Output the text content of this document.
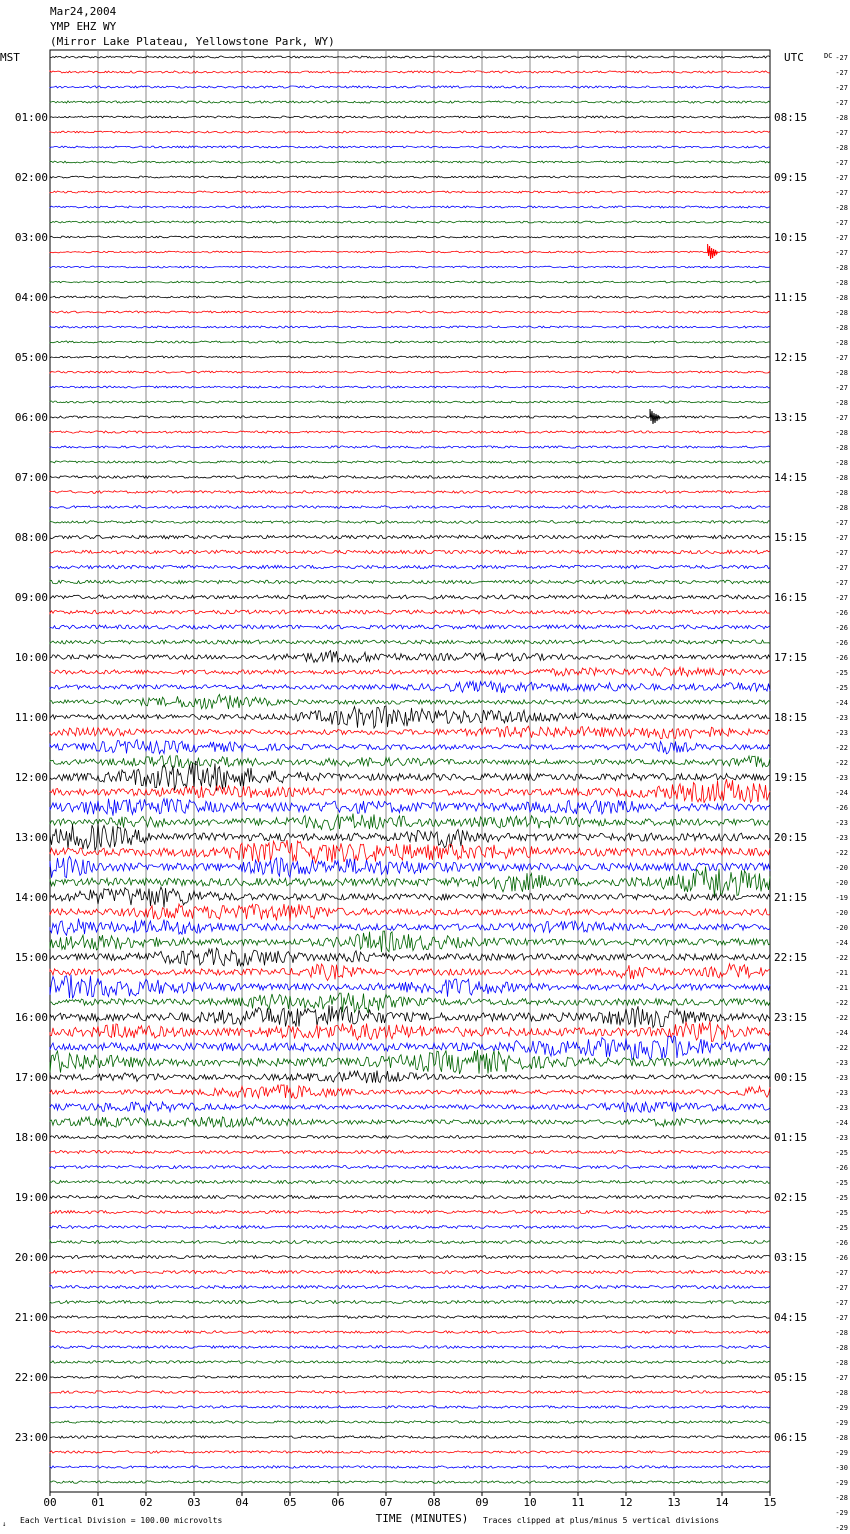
Mar24,2004
YMP EHZ WY
(Mirror Lake Plateau, Yellowstone Park, WY)
MST	UTC	DC
01:00
02:00
03:00
04:00
05:00
06:00
07:00
08:00
09:00
10:00
11:00
12:00
13:00
14:00
15:00
16:00
17:00
18:00
19:00
20:00
21:00
22:00
23:00
08:15
09:15
10:15
11:15
12:15
13:15
14:15
15:15
16:15
17:15
18:15
19:15
20:15
21:15
22:15
23:15
00:15
01:15
02:15
03:15
04:15
05:15
06:15
-27
-27
-27
-27
-28
-27
-28
-27
-27
-27
-28
-27
-27
-27
-28
-28
-28
-28
-28
-28
-27
-28
-27
-28
-27
-28
-28
-28
-28
-28
-28
-27
-27
-27
-27
-27
-27
-26
-26
-26
-26
-25
-25
-24
-23
-23
-22
-22
-23
-24
-26
-23
-23
-22
-20
-20
-19
-20
-20
-24
-22
-21
-21
-22
-22
-24
-22
-23
-23
-23
-23
-24
-23
-25
-26
-25
-25
-25
-25
-26
-26
-27
-27
-27
-27
-28
-28
-28
-27
-28
-29
-29
-28
-29
-30
-29
-28
-29
-29
00	01	02	03	04	05	06	07	08	09	10	11	12	13	14	15
TIME (MINUTES)
Each Vertical Division = 100.00 microvolts	Traces clipped at plus/minus 5 vertical divisions
↓
